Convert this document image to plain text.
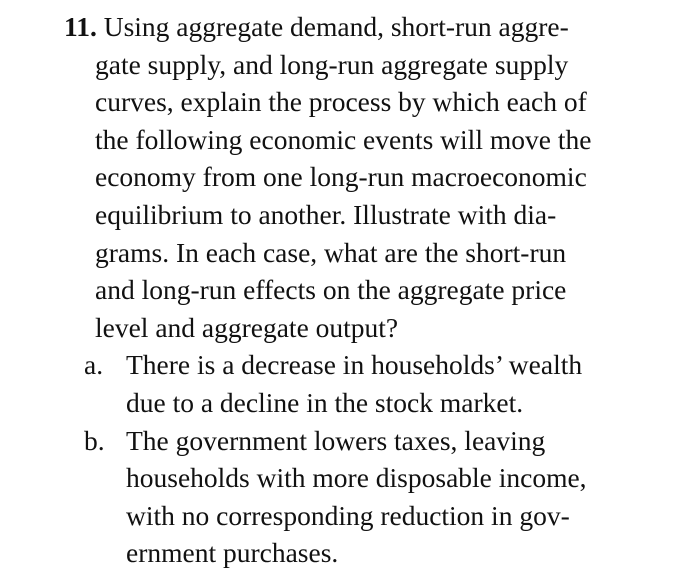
11. Using aggregate demand, short-run aggre-
gate supply, and long-run aggregate supply
curves, explain the process by which each of
the following economic events will move the
economy from one long-run macroeconomic
equilibrium to another. Illustrate with dia-
grams. In each case, what are the short-run
and long-run effects on the aggregate price
level and aggregate output?
a. There is a decrease in households’ wealth
due to a decline in the stock market.
b. The government lowers taxes, leaving
households with more disposable income,
with no corresponding reduction in gov-
ernment purchases.
